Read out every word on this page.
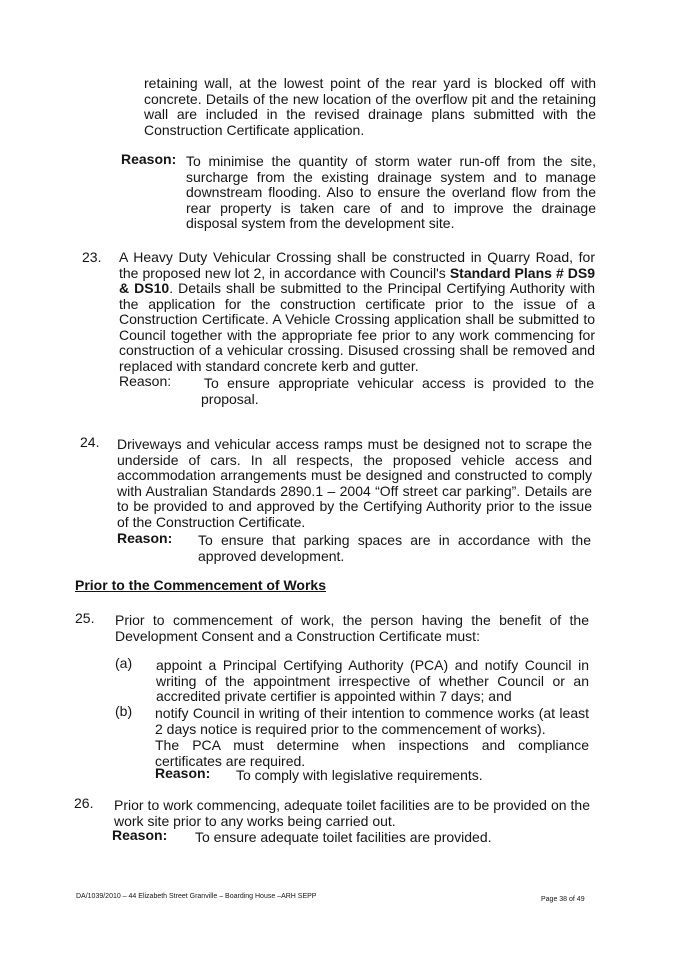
retaining wall, at the lowest point of the rear yard is blocked off with concrete. Details of the new location of the overflow pit and the retaining wall are included in the revised drainage plans submitted with the Construction Certificate application.
Reason: To minimise the quantity of storm water run-off from the site, surcharge from the existing drainage system and to manage downstream flooding. Also to ensure the overland flow from the rear property is taken care of and to improve the drainage disposal system from the development site.
23. A Heavy Duty Vehicular Crossing shall be constructed in Quarry Road, for the proposed new lot 2, in accordance with Council's Standard Plans # DS9 & DS10. Details shall be submitted to the Principal Certifying Authority with the application for the construction certificate prior to the issue of a Construction Certificate. A Vehicle Crossing application shall be submitted to Council together with the appropriate fee prior to any work commencing for construction of a vehicular crossing. Disused crossing shall be removed and replaced with standard concrete kerb and gutter.
Reason: To ensure appropriate vehicular access is provided to the proposal.
24. Driveways and vehicular access ramps must be designed not to scrape the underside of cars. In all respects, the proposed vehicle access and accommodation arrangements must be designed and constructed to comply with Australian Standards 2890.1 – 2004 “Off street car parking”. Details are to be provided to and approved by the Certifying Authority prior to the issue of the Construction Certificate.
Reason: To ensure that parking spaces are in accordance with the approved development.
Prior to the Commencement of Works
25. Prior to commencement of work, the person having the benefit of the Development Consent and a Construction Certificate must:
(a) appoint a Principal Certifying Authority (PCA) and notify Council in writing of the appointment irrespective of whether Council or an accredited private certifier is appointed within 7 days; and
(b) notify Council in writing of their intention to commence works (at least 2 days notice is required prior to the commencement of works).
The PCA must determine when inspections and compliance certificates are required.
Reason: To comply with legislative requirements.
26. Prior to work commencing, adequate toilet facilities are to be provided on the work site prior to any works being carried out.
Reason: To ensure adequate toilet facilities are provided.
DA/1039/2010 – 44 Elizabeth Street Granville – Boarding House –ARH SEPP	Page 38 of 49
